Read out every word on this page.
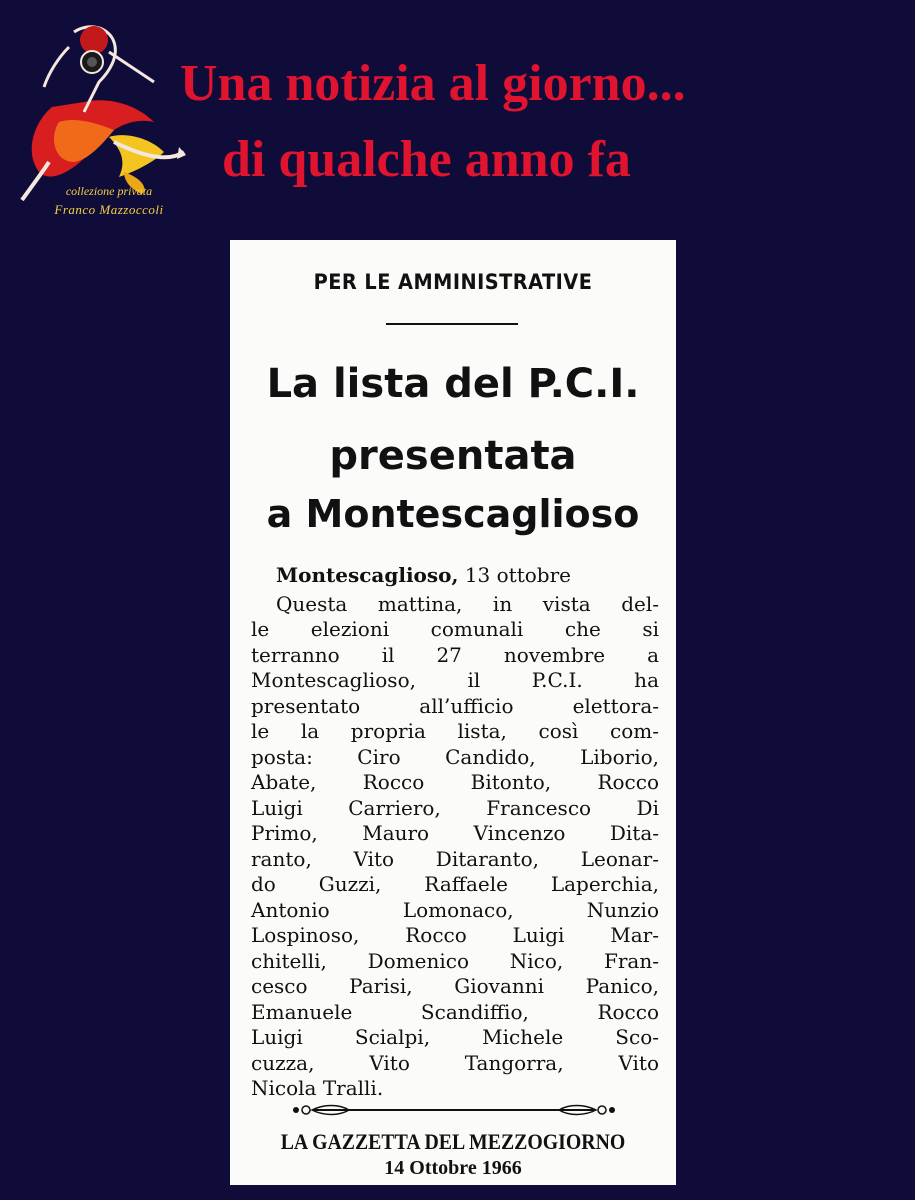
collezione privata
Franco Mazzoccoli
Una notizia al giorno...
di qualche anno fa
PER LE AMMINISTRATIVE
La lista del P.C.I.
presentata
a Montescaglioso
Montescaglioso, 13 ottobre
Questa mattina, in vista del-
le elezioni comunali che si
terranno il 27 novembre a
Montescaglioso, il P.C.I. ha
presentato all’ufficio elettora-
le la propria lista, così com-
posta: Ciro Candido, Liborio,
Abate, Rocco Bitonto, Rocco
Luigi Carriero, Francesco Di
Primo, Mauro Vincenzo Dita-
ranto, Vito Ditaranto, Leonar-
do Guzzi, Raffaele Laperchia,
Antonio Lomonaco, Nunzio
Lospinoso, Rocco Luigi Mar-
chitelli, Domenico Nico, Fran-
cesco Parisi, Giovanni Panico,
Emanuele Scandiffio, Rocco
Luigi Scialpi, Michele Sco-
cuzza, Vito Tangorra, Vito
Nicola Tralli.
LA GAZZETTA DEL MEZZOGIORNO
14 Ottobre 1966
